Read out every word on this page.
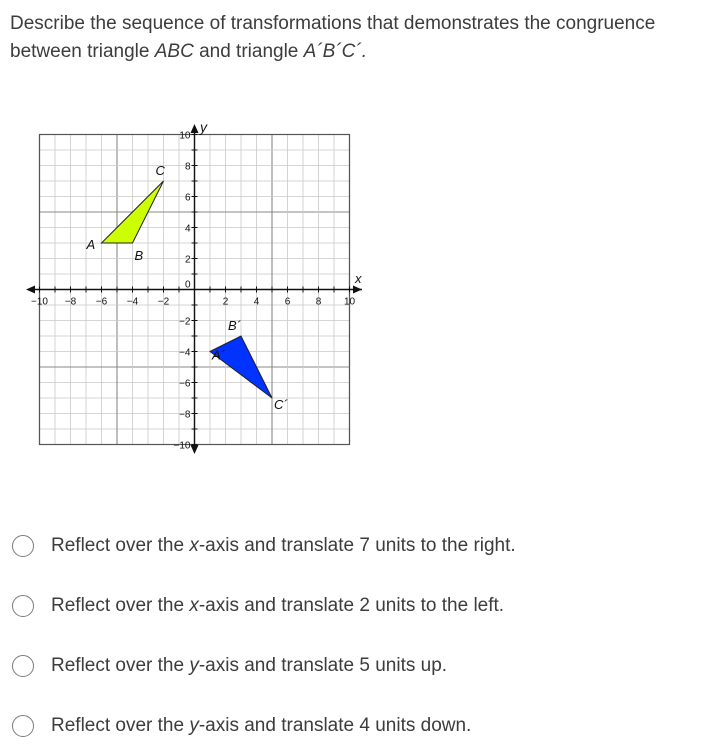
Describe the sequence of transformations that demonstrates the congruence
between triangle ABC and triangle A´B´C´.
−10 −8 −6 −4 −2	2	4	6	8 10
10
8
6
4
2
0
−2
−4
−6
−8
−10
A
B
C
A´
B´
C´
x
y
Reflect over the x-axis and translate 7 units to the right.
Reflect over the x-axis and translate 2 units to the left.
Reflect over the y-axis and translate 5 units up.
Reflect over the y-axis and translate 4 units down.
